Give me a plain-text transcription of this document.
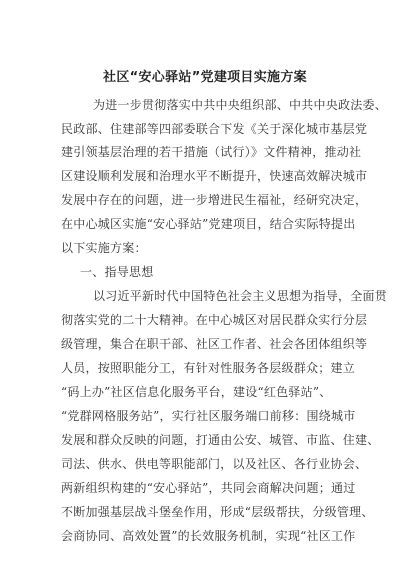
社区“安心驿站”党建项目实施方案
为进一步贯彻落实中共中央组织部、中共中央政法委、
民政部、住建部等四部委联合下发《关于深化城市基层党
建引领基层治理的若干措施（试行）》文件精神，推动社
区建设顺利发展和治理水平不断提升，快速高效解决城市
发展中存在的问题，进一步增进民生福祉，经研究决定，
在中心城区实施“安心驿站”党建项目，结合实际特提出
以下实施方案：
一、指导思想
以习近平新时代中国特色社会主义思想为指导，全面贯
彻落实党的二十大精神。在中心城区对居民群众实行分层
级管理，集合在职干部、社区工作者、社会各团体组织等
人员，按照职能分工，有针对性服务各层级群众；建立
“码上办”社区信息化服务平台，建设“红色驿站”、
“党群网格服务站”，实行社区服务端口前移：围绕城市
发展和群众反映的问题，打通由公安、城管、市监、住建、
司法、供水、供电等职能部门，以及社区、各行业协会、
两新组织构建的“安心驿站”，共同会商解决问题；通过
不断加强基层战斗堡垒作用，形成“层级帮扶，分级管理、
会商协同、高效处置”的长效服务机制，实现“社区工作
